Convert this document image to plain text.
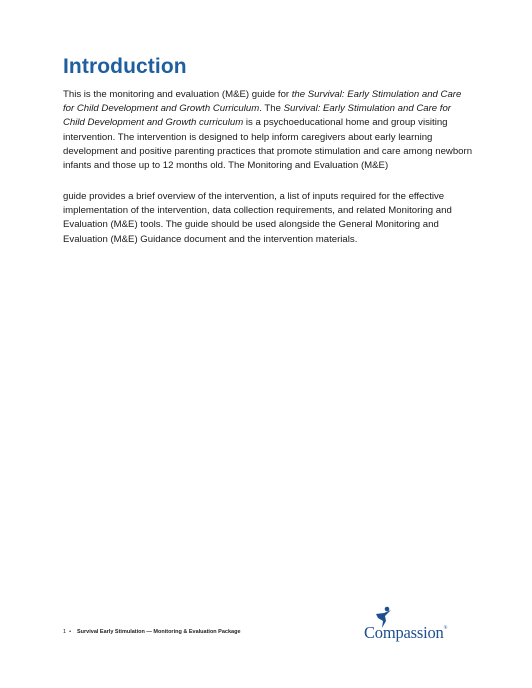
Introduction

This is the monitoring and evaluation (M&E) guide for the Survival: Early Stimulation and Care for Child Development and Growth Curriculum. The Survival: Early Stimulation and Care for Child Development and Growth curriculum is a psychoeducational home and group visiting intervention. The intervention is designed to help inform caregivers about early learning development and positive parenting practices that promote stimulation and care among newborn infants and those up to 12 months old. The Monitoring and Evaluation (M&E)

guide provides a brief overview of the intervention, a list of inputs required for the effective implementation of the intervention, data collection requirements, and related Monitoring and Evaluation (M&E) tools. The guide should be used alongside the General Monitoring and Evaluation (M&E) Guidance document and the intervention materials.

1 • Survival Early Stimulation — Monitoring & Evaluation Package	Compassion®
